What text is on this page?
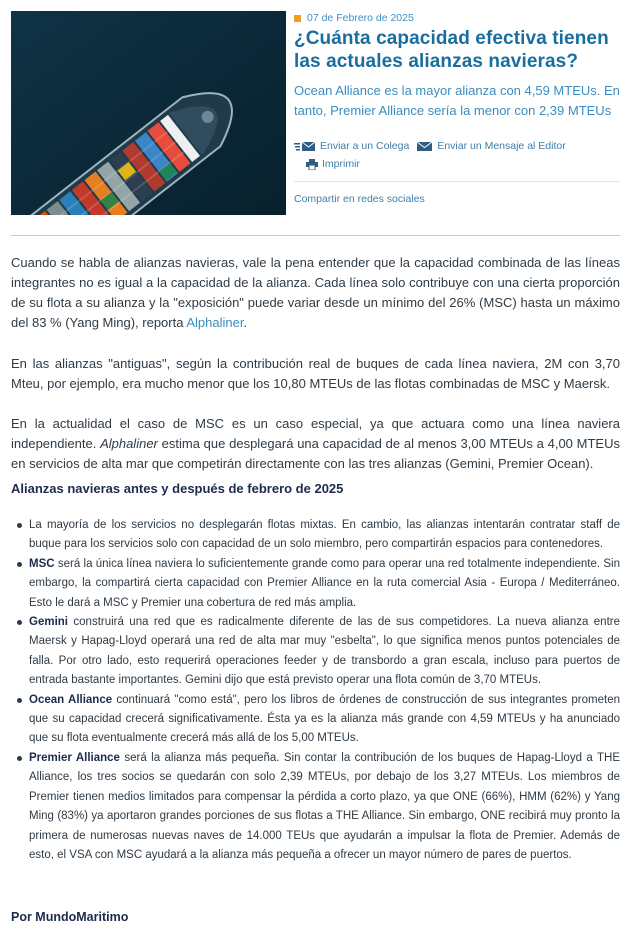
07 de Febrero de 2025
¿Cuánta capacidad efectiva tienen las actuales alianzas navieras?
Ocean Alliance es la mayor alianza con 4,59 MTEUs. En tanto, Premier Alliance sería la menor con 2,39 MTEUs
Enviar a un Colega	Enviar un Mensaje al Editor
Imprimir
Compartir en redes sociales

Cuando se habla de alianzas navieras, vale la pena entender que la capacidad combinada de las líneas integrantes no es igual a la capacidad de la alianza. Cada línea solo contribuye con una cierta proporción de su flota a su alianza y la "exposición" puede variar desde un mínimo del 26% (MSC) hasta un máximo del 83 % (Yang Ming), reporta Alphaliner.

En las alianzas "antiguas", según la contribución real de buques de cada línea naviera, 2M con 3,70 Mteu, por ejemplo, era mucho menor que los 10,80 MTEUs de las flotas combinadas de MSC y Maersk.

En la actualidad el caso de MSC es un caso especial, ya que actuara como una línea naviera independiente. Alphaliner estima que desplegará una capacidad de al menos 3,00 MTEUs a 4,00 MTEUs en servicios de alta mar que competirán directamente con las tres alianzas (Gemini, Premier Ocean).

Alianzas navieras antes y después de febrero de 2025
La mayoría de los servicios no desplegarán flotas mixtas. En cambio, las alianzas intentarán contratar staff de buque para los servicios solo con capacidad de un solo miembro, pero compartirán espacios para contenedores.
MSC será la única línea naviera lo suficientemente grande como para operar una red totalmente independiente. Sin embargo, la compartirá cierta capacidad con Premier Alliance en la ruta comercial Asia - Europa / Mediterráneo. Esto le dará a MSC y Premier una cobertura de red más amplia.
Gemini construirá una red que es radicalmente diferente de las de sus competidores. La nueva alianza entre Maersk y Hapag-Lloyd operará una red de alta mar muy "esbelta", lo que significa menos puntos potenciales de falla. Por otro lado, esto requerirá operaciones feeder y de transbordo a gran escala, incluso para puertos de entrada bastante importantes. Gemini dijo que está previsto operar una flota común de 3,70 MTEUs.
Ocean Alliance continuará "como está", pero los libros de órdenes de construcción de sus integrantes prometen que su capacidad crecerá significativamente. Ésta ya es la alianza más grande con 4,59 MTEUs y ha anunciado que su flota eventualmente crecerá más allá de los 5,00 MTEUs.
Premier Alliance será la alianza más pequeña. Sin contar la contribución de los buques de Hapag-Lloyd a THE Alliance, los tres socios se quedarán con solo 2,39 MTEUs, por debajo de los 3,27 MTEUs. Los miembros de Premier tienen medios limitados para compensar la pérdida a corto plazo, ya que ONE (66%), HMM (62%) y Yang Ming (83%) ya aportaron grandes porciones de sus flotas a THE Alliance. Sin embargo, ONE recibirá muy pronto la primera de numerosas nuevas naves de 14.000 TEUs que ayudarán a impulsar la flota de Premier. Además de esto, el VSA con MSC ayudará a la alianza más pequeña a ofrecer un mayor número de pares de puertos.
Por MundoMaritimo
